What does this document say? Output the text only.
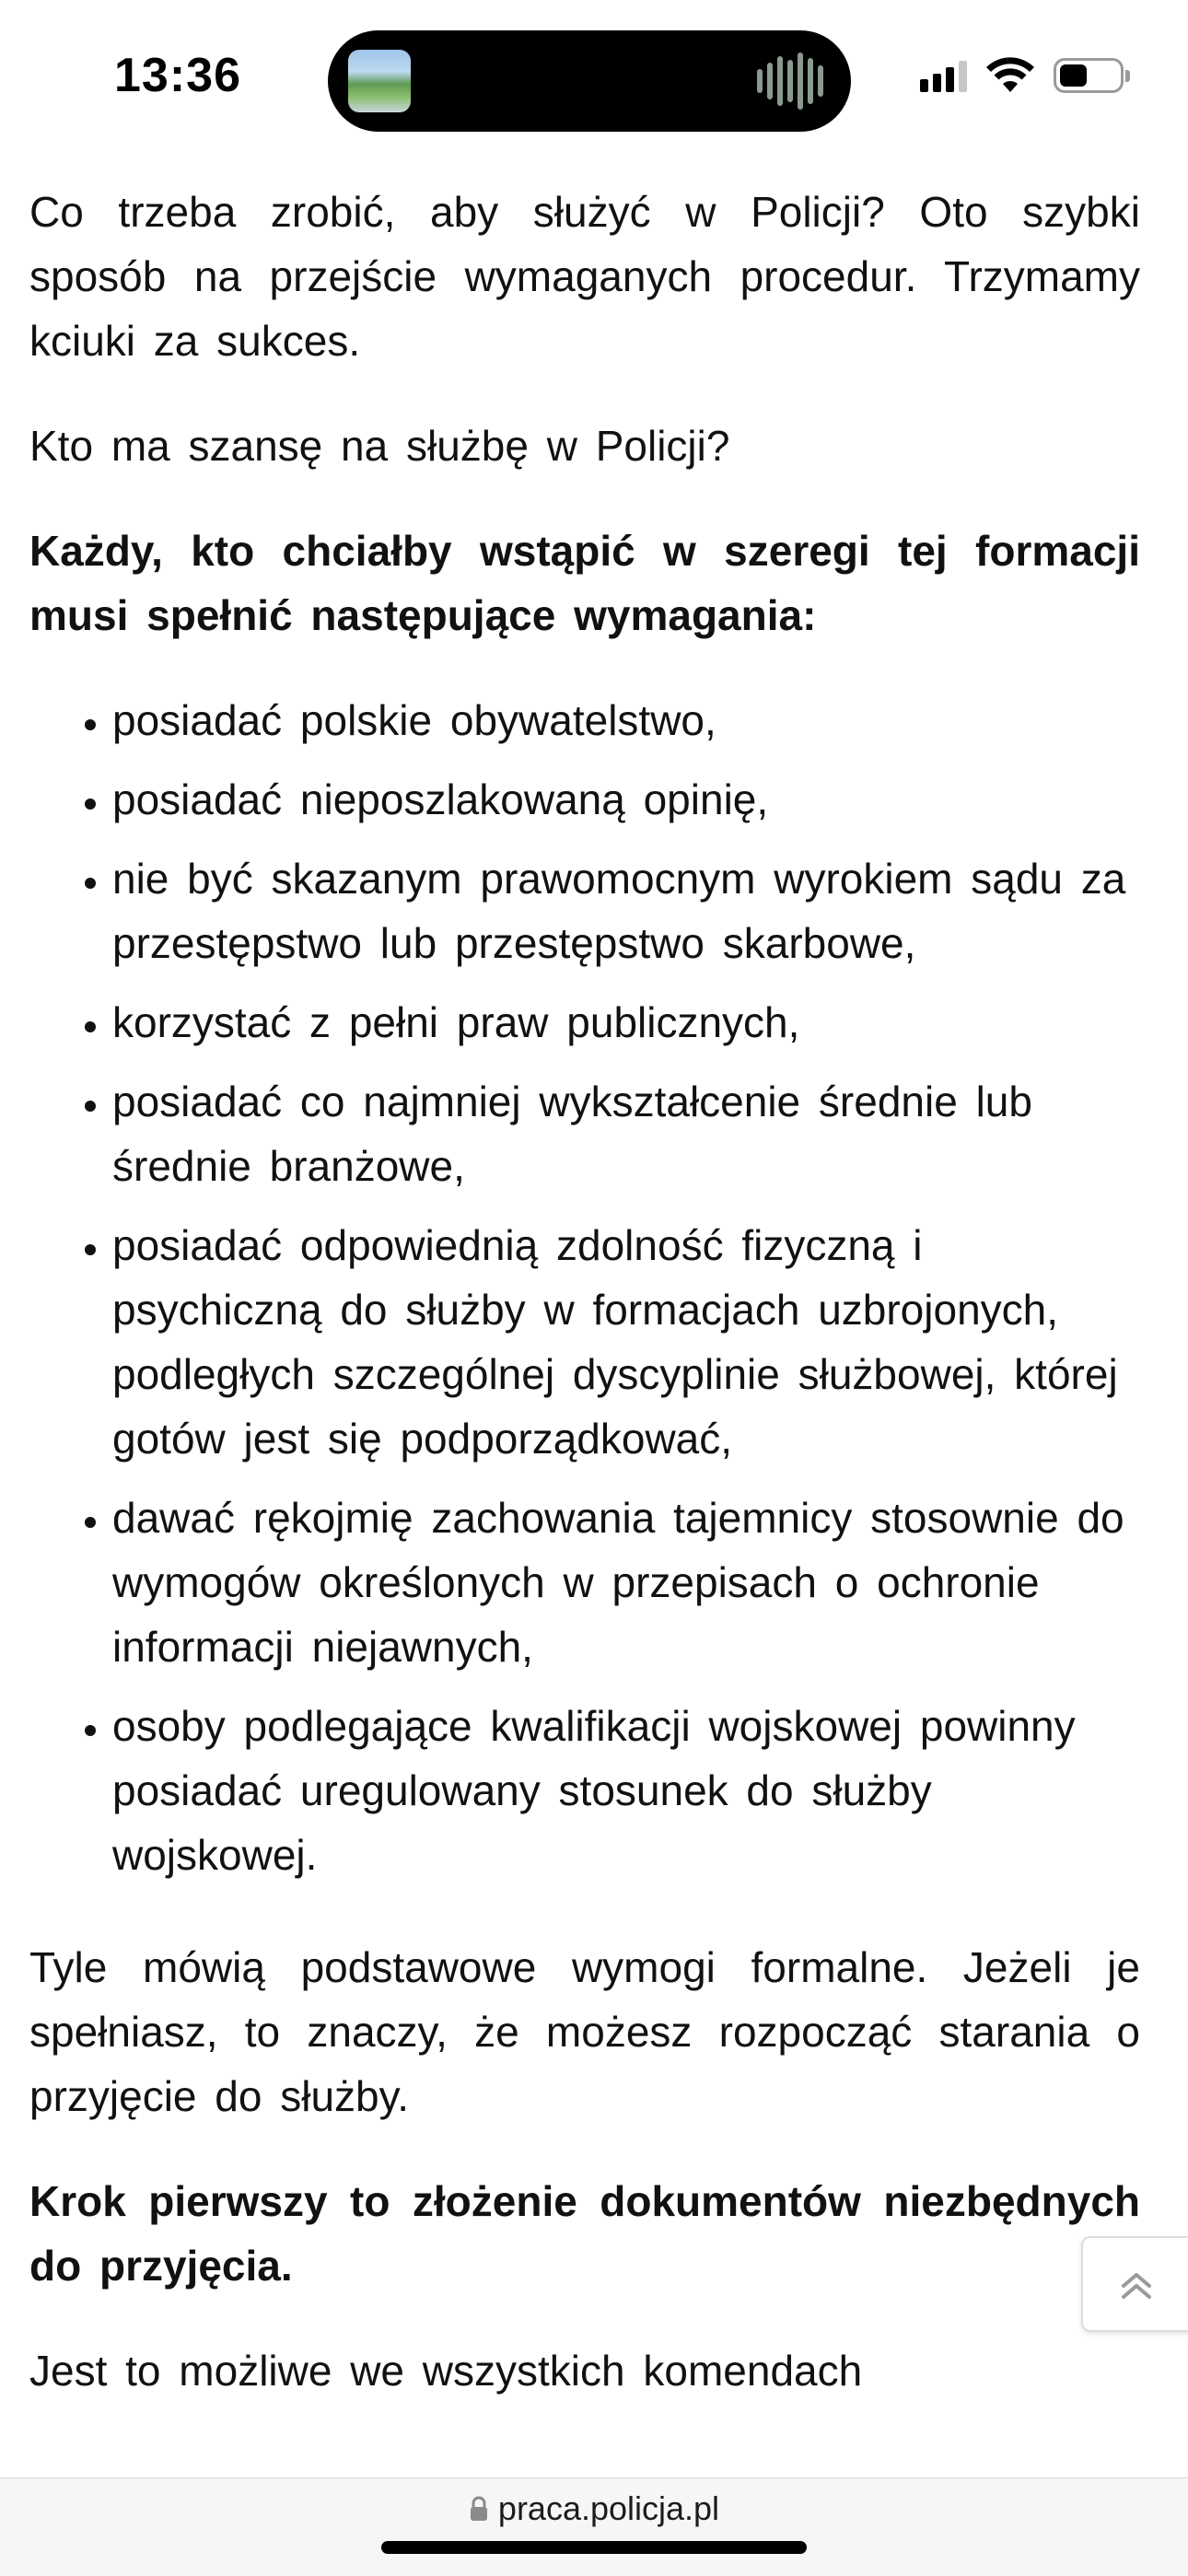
13:36

Co trzeba zrobić, aby służyć w Policji? Oto szybki sposób na przejście wymaganych procedur. Trzymamy kciuki za sukces.

Kto ma szansę na służbę w Policji?

Każdy, kto chciałby wstąpić w szeregi tej formacji musi spełnić następujące wymagania:

• posiadać polskie obywatelstwo,
• posiadać nieposzlakowaną opinię,
• nie być skazanym prawomocnym wyrokiem sądu za przestępstwo lub przestępstwo skarbowe,
• korzystać z pełni praw publicznych,
• posiadać co najmniej wykształcenie średnie lub średnie branżowe,
• posiadać odpowiednią zdolność fizyczną i psychiczną do służby w formacjach uzbrojonych, podległych szczególnej dyscyplinie służbowej, której gotów jest się podporządkować,
• dawać rękojmię zachowania tajemnicy stosownie do wymogów określonych w przepisach o ochronie informacji niejawnych,
• osoby podlegające kwalifikacji wojskowej powinny posiadać uregulowany stosunek do służby wojskowej.

Tyle mówią podstawowe wymogi formalne. Jeżeli je spełniasz, to znaczy, że możesz rozpocząć starania o przyjęcie do służby.

Krok pierwszy to złożenie dokumentów niezbędnych do przyjęcia.

Jest to możliwe we wszystkich komendach

praca.policja.pl
